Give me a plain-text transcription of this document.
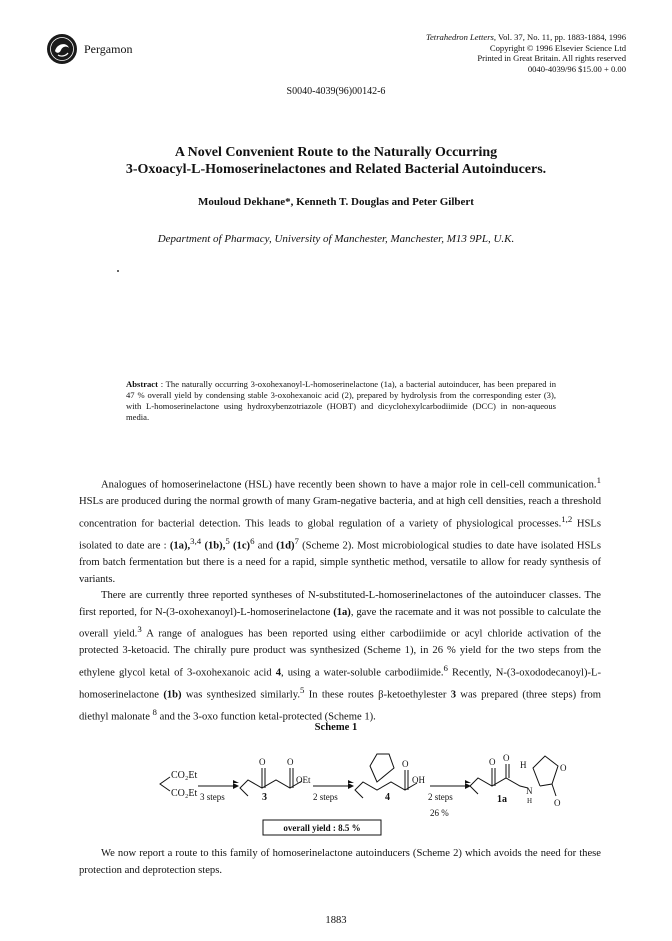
Pergamon
Tetrahedron Letters, Vol. 37, No. 11, pp. 1883-1884, 1996
Copyright © 1996 Elsevier Science Ltd
Printed in Great Britain. All rights reserved
0040-4039/96 $15.00 + 0.00
S0040-4039(96)00142-6
A Novel Convenient Route to the Naturally Occurring
3-Oxoacyl-L-Homoserinelactones and Related Bacterial Autoinducers.
Mouloud Dekhane*, Kenneth T. Douglas and Peter Gilbert
Department of Pharmacy, University of Manchester, Manchester, M13 9PL, U.K.
Abstract : The naturally occurring 3-oxohexanoyl-L-homoserinelactone (1a), a bacterial autoinducer, has been prepared in 47 % overall yield by condensing stable 3-oxohexanoic acid (2), prepared by hydrolysis from the corresponding ester (3), with L-homoserinelactone using hydroxybenzotriazole (HOBT) and dicyclohexylcarbodiimide (DCC) in non-aqueous media.

Analogues of homoserinelactone (HSL) have recently been shown to have a major role in cell-cell communication.$^1$ HSLs are produced during the normal growth of many Gram-negative bacteria, and at high cell densities, reach a threshold concentration for bacterial detection. This leads to global regulation of a variety of physiological processes.$^{1,2}$ HSLs isolated to date are : (1a),$^{3,4}$ (1b),$^5$ $(1c)^6$ and $(1d)^7$ (Scheme 2). Most microbiological studies to date have isolated HSLs from batch fermentation but there is a need for a rapid, simple synthetic method, versatile to allow for ready synthesis of variants.

There are currently three reported syntheses of N-substituted-L-homoserinelactones of the autoinducer classes. The first reported, for N-(3-oxohexanoyl)-L-homoserinelactone (1a), gave the racemate and it was not possible to calculate the overall yield.$^3$ A range of analogues has been reported using either carbodiimide or acyl chloride activation of the protected 3-ketoacid. The chirally pure product was synthesized (Scheme 1), in 26 % yield for the two steps from the ethylene glycol ketal of 3-oxohexanoic acid 4, using a water-soluble carbodiimide.$^6$ Recently, N-(3-oxododecanoyl)-L-homoserinelactone (1b) was synthesized similarly.$^5$ In these routes β-ketoethylester 3 was prepared (three steps) from diethyl malonate $^8$ and the 3-oxo function ketal-protected (Scheme 1).

Scheme 1
CO₂Et
CO₂Et 3 steps	3
OEt
O O
2 steps	4
O
OH
2 steps
26 %
1a
O O
H
N
H
O
O
overall yield : 8.5 %

We now report a route to this family of homoserinelactone autoinducers (Scheme 2) which avoids the need for these protection and deprotection steps.

1883
